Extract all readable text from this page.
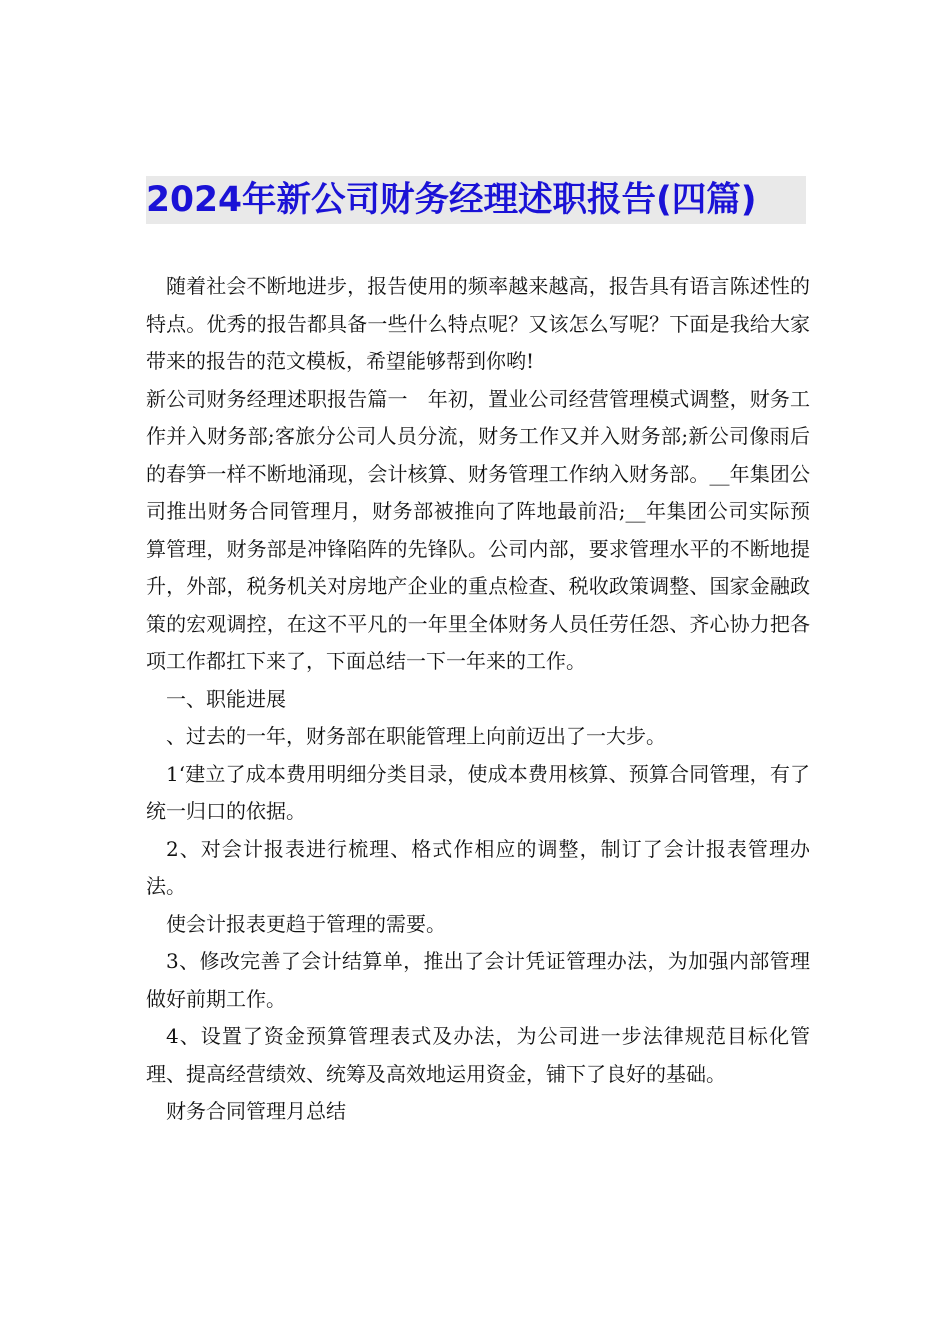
2024年新公司财务经理述职报告(四篇)

随着社会不断地进步，报告使用的频率越来越高，报告具有语言陈述性的特点。优秀的报告都具备一些什么特点呢？又该怎么写呢？下面是我给大家带来的报告的范文模板，希望能够帮到你哟!

新公司财务经理述职报告篇一　年初，置业公司经营管理模式调整，财务工作并入财务部;客旅分公司人员分流，财务工作又并入财务部;新公司像雨后的春笋一样不断地涌现，会计核算、财务管理工作纳入财务部。__年集团公司推出财务合同管理月，财务部被推向了阵地最前沿;__年集团公司实际预算管理，财务部是冲锋陷阵的先锋队。公司内部，要求管理水平的不断地提升，外部，税务机关对房地产企业的重点检查、税收政策调整、国家金融政策的宏观调控，在这不平凡的一年里全体财务人员任劳任怨、齐心协力把各项工作都扛下来了，下面总结一下一年来的工作。

一、职能进展

、过去的一年，财务部在职能管理上向前迈出了一大步。

1‘建立了成本费用明细分类目录，使成本费用核算、预算合同管理，有了统一归口的依据。

2、对会计报表进行梳理、格式作相应的调整，制订了会计报表管理办法。

使会计报表更趋于管理的需要。

3、修改完善了会计结算单，推出了会计凭证管理办法，为加强内部管理做好前期工作。

4、设置了资金预算管理表式及办法，为公司进一步法律规范目标化管理、提高经营绩效、统筹及高效地运用资金，铺下了良好的基础。

财务合同管理月总结
